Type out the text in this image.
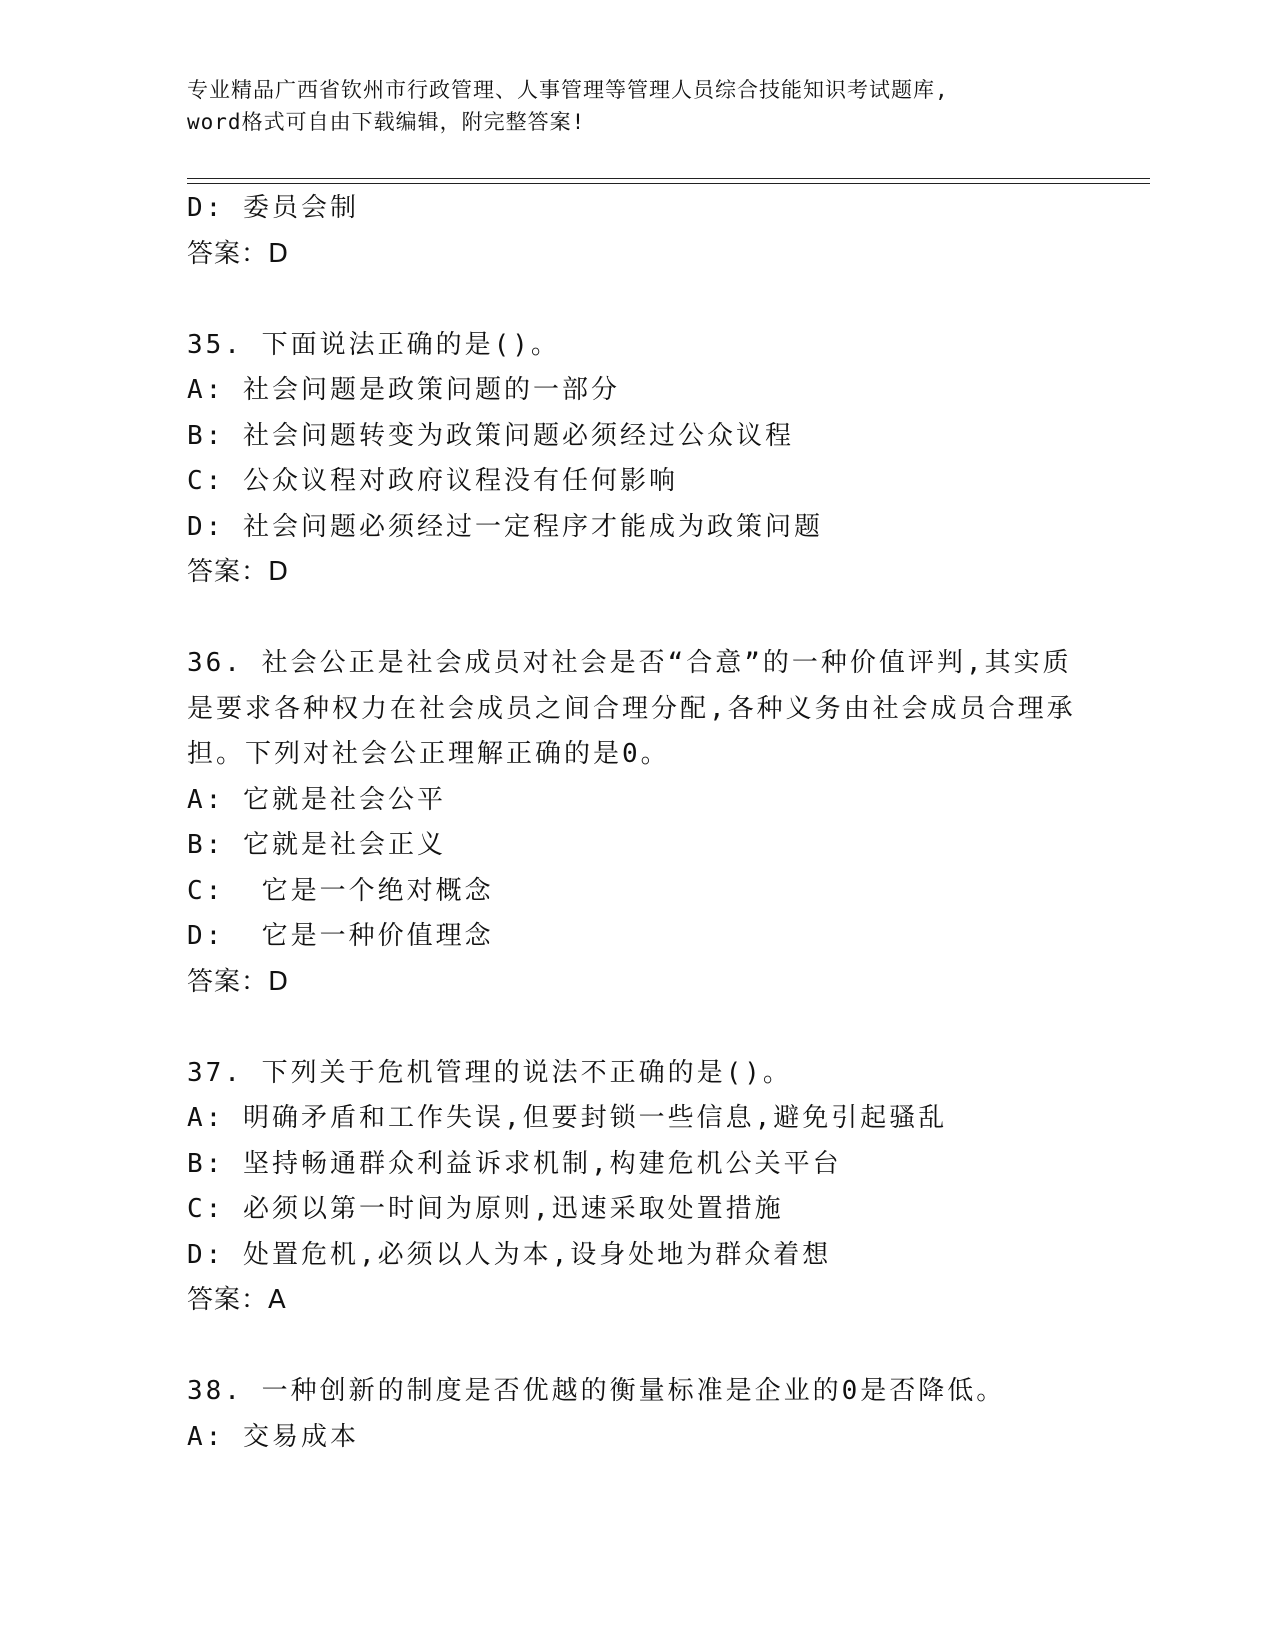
专业精品广西省钦州市行政管理、人事管理等管理人员综合技能知识考试题库,
word格式可自由下载编辑，附完整答案!
D: 委员会制
答案：D
35. 下面说法正确的是()。
A: 社会问题是政策问题的一部分
B: 社会问题转变为政策问题必须经过公众议程
C: 公众议程对政府议程没有任何影响
D: 社会问题必须经过一定程序才能成为政策问题
答案：D
36. 社会公正是社会成员对社会是否“合意”的一种价值评判,其实质
是要求各种权力在社会成员之间合理分配,各种义务由社会成员合理承
担。下列对社会公正理解正确的是0。
A: 它就是社会公平
B: 它就是社会正义
C:  它是一个绝对概念
D:  它是一种价值理念
答案：D
37. 下列关于危机管理的说法不正确的是()。
A: 明确矛盾和工作失误,但要封锁一些信息,避免引起骚乱
B: 坚持畅通群众利益诉求机制,构建危机公关平台
C: 必须以第一时间为原则,迅速采取处置措施
D: 处置危机,必须以人为本,设身处地为群众着想
答案：A
38. 一种创新的制度是否优越的衡量标准是企业的0是否降低。
A: 交易成本
